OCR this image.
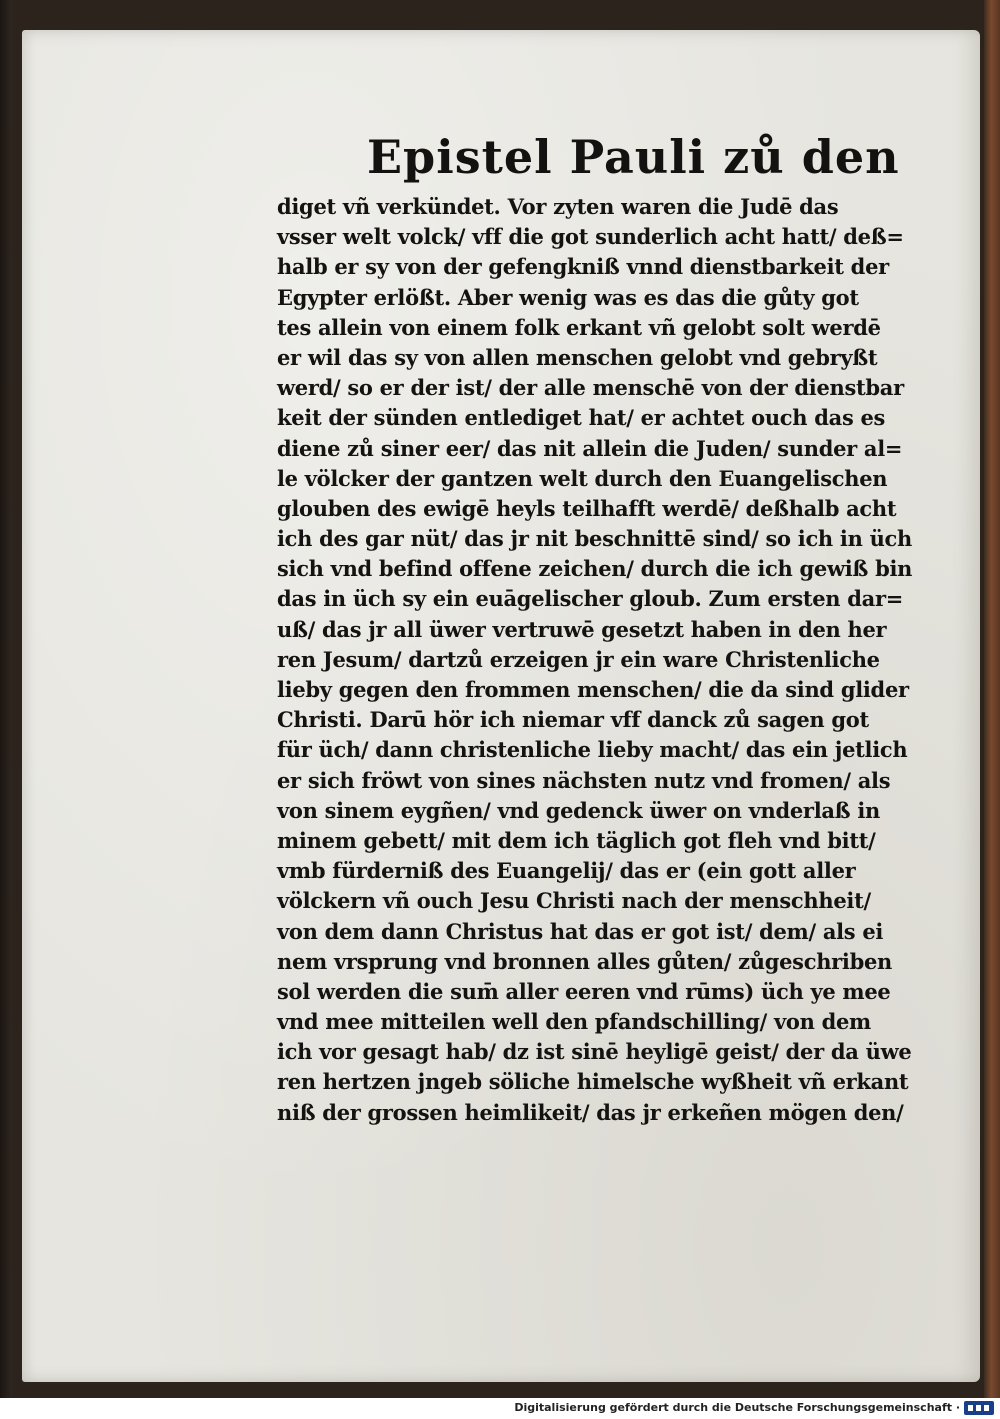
Epistel Pauli zů den
diget vñ verkündet. Vor zyten waren die Judē das
vsser welt volck/ vff die got sunderlich acht hatt/ deß=
halb er sy von der gefengkniß vnnd dienstbarkeit der
Egypter erlößt. Aber wenig was es das die gůty got
tes allein von einem folk erkant vñ gelobt solt werdē
er wil das sy von allen menschen gelobt vnd gebryßt
werd/ so er der ist/ der alle menschē von der dienstbar
keit der sünden entlediget hat/ er achtet ouch das es
diene zů siner eer/ das nit allein die Juden/ sunder al=
le völcker der gantzen welt durch den Euangelischen
glouben des ewigē heyls teilhafft werdē/ deßhalb acht
ich des gar nüt/ das jr nit beschnittē sind/ so ich in üch
sich vnd befind offene zeichen/ durch die ich gewiß bin
das in üch sy ein euāgelischer gloub. Zum ersten dar=
uß/ das jr all üwer vertruwē gesetzt haben in den her
ren Jesum/ dartzů erzeigen jr ein ware Christenliche
lieby gegen den frommen menschen/ die da sind glider
Christi. Darū hör ich niemar vff danck zů sagen got
für üch/ dann christenliche lieby macht/ das ein jetlich
er sich fröwt von sines nächsten nutz vnd fromen/ als
von sinem eygñen/ vnd gedenck üwer on vnderlaß in
minem gebett/ mit dem ich täglich got fleh vnd bitt/
vmb fürderniß des Euangelij/ das er (ein gott aller
völckern vñ ouch Jesu Christi nach der menschheit/
von dem dann Christus hat das er got ist/ dem/ als ei
nem vrsprung vnd bronnen alles gůten/ zůgeschriben
sol werden die sum̄ aller eeren vnd rūms) üch ye mee
vnd mee mitteilen well den pfandschilling/ von dem
ich vor gesagt hab/ dz ist sinē heyligē geist/ der da üwe
ren hertzen jngeb söliche himelsche wyßheit vñ erkant
niß der grossen heimlikeit/ das jr erkeñen mögen den/
Digitalisierung gefördert durch die Deutsche Forschungsgemeinschaft ·
